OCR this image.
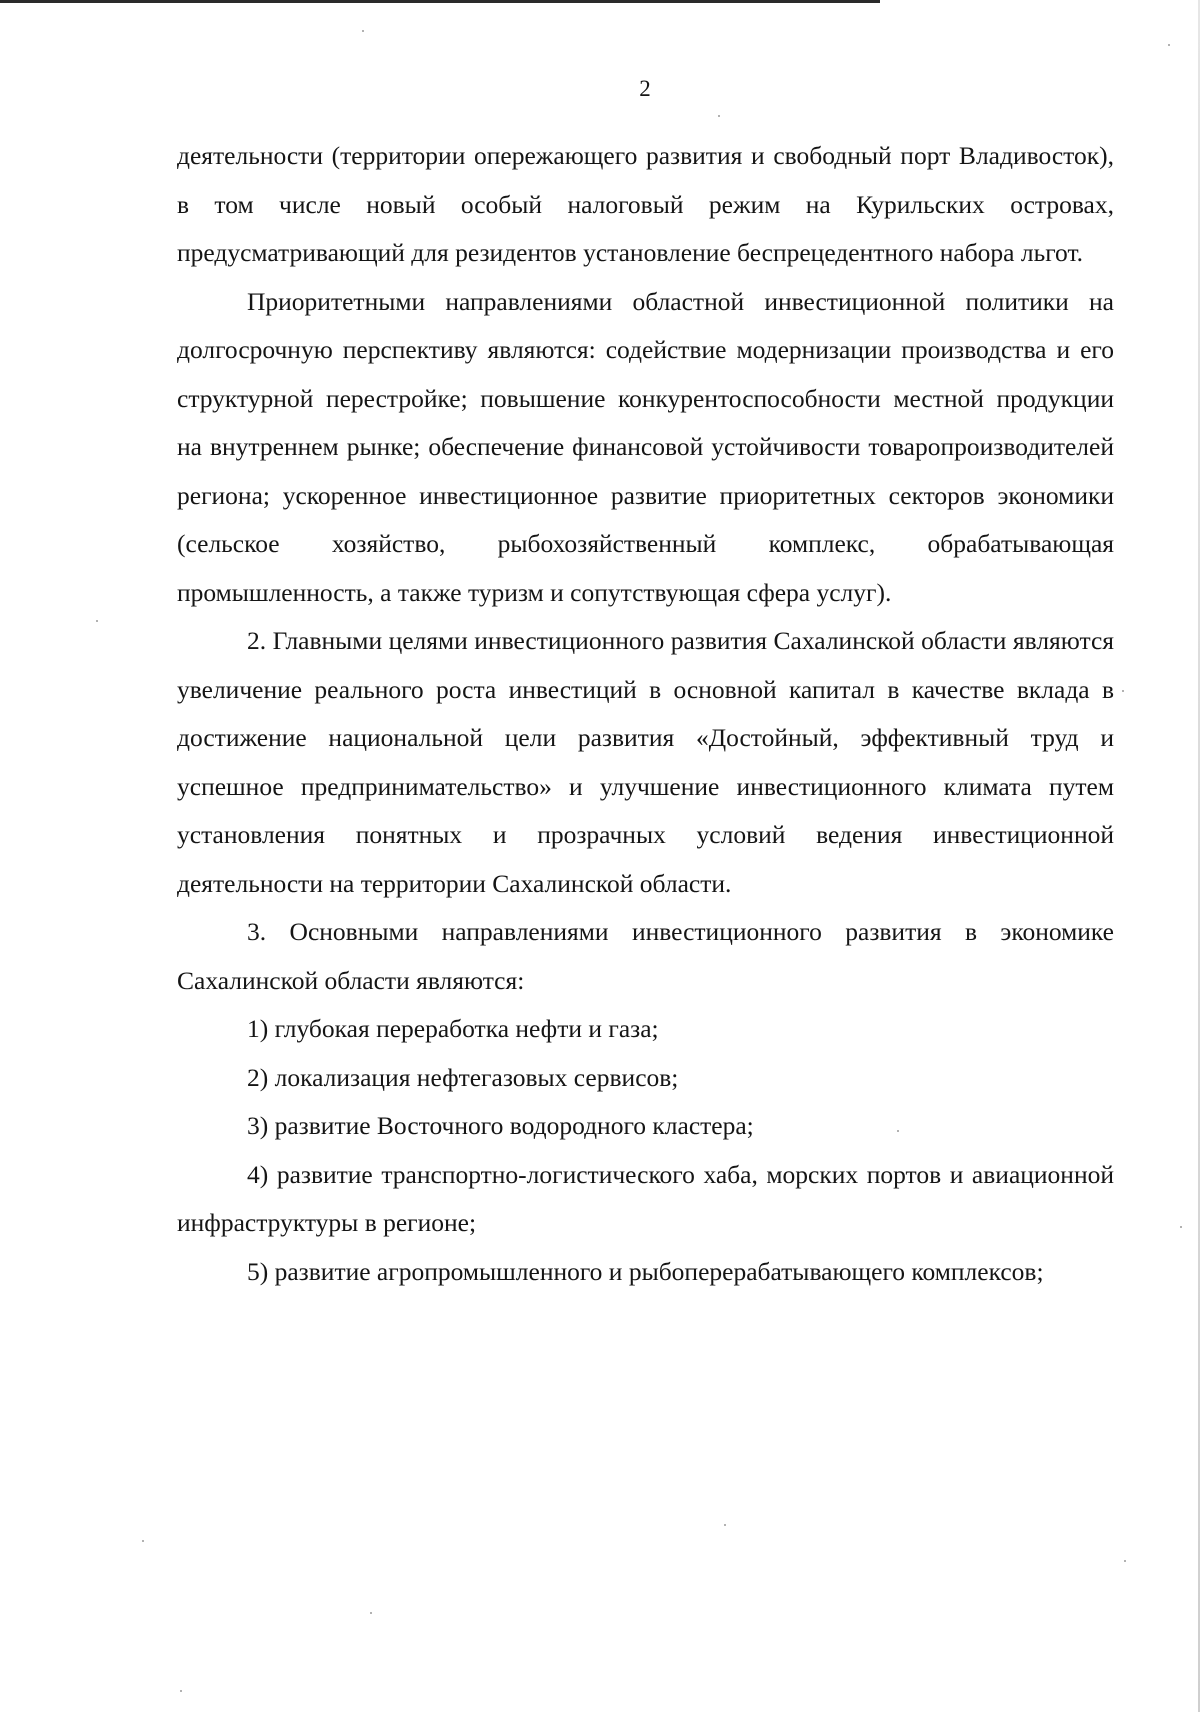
2

деятельности (территории опережающего развития и свободный порт Владивосток), в том числе новый особый налоговый режим на Курильских островах, предусматривающий для резидентов установление беспрецедентного набора льгот.

Приоритетными направлениями областной инвестиционной политики на долгосрочную перспективу являются: содействие модернизации производства и его структурной перестройке; повышение конкурентоспособности местной продукции на внутреннем рынке; обеспечение финансовой устойчивости товаропроизводителей региона; ускоренное инвестиционное развитие приоритетных секторов экономики (сельское хозяйство, рыбохозяйственный комплекс, обрабатывающая промышленность, а также туризм и сопутствующая сфера услуг).

2. Главными целями инвестиционного развития Сахалинской области являются увеличение реального роста инвестиций в основной капитал в качестве вклада в достижение национальной цели развития «Достойный, эффективный труд и успешное предпринимательство» и улучшение инвестиционного климата путем установления понятных и прозрачных условий ведения инвестиционной деятельности на территории Сахалинской области.

3. Основными направлениями инвестиционного развития в экономике Сахалинской области являются:

1) глубокая переработка нефти и газа;

2) локализация нефтегазовых сервисов;

3) развитие Восточного водородного кластера;

4) развитие транспортно-логистического хаба, морских портов и авиационной инфраструктуры в регионе;

5) развитие агропромышленного и рыбоперерабатывающего комплексов;
